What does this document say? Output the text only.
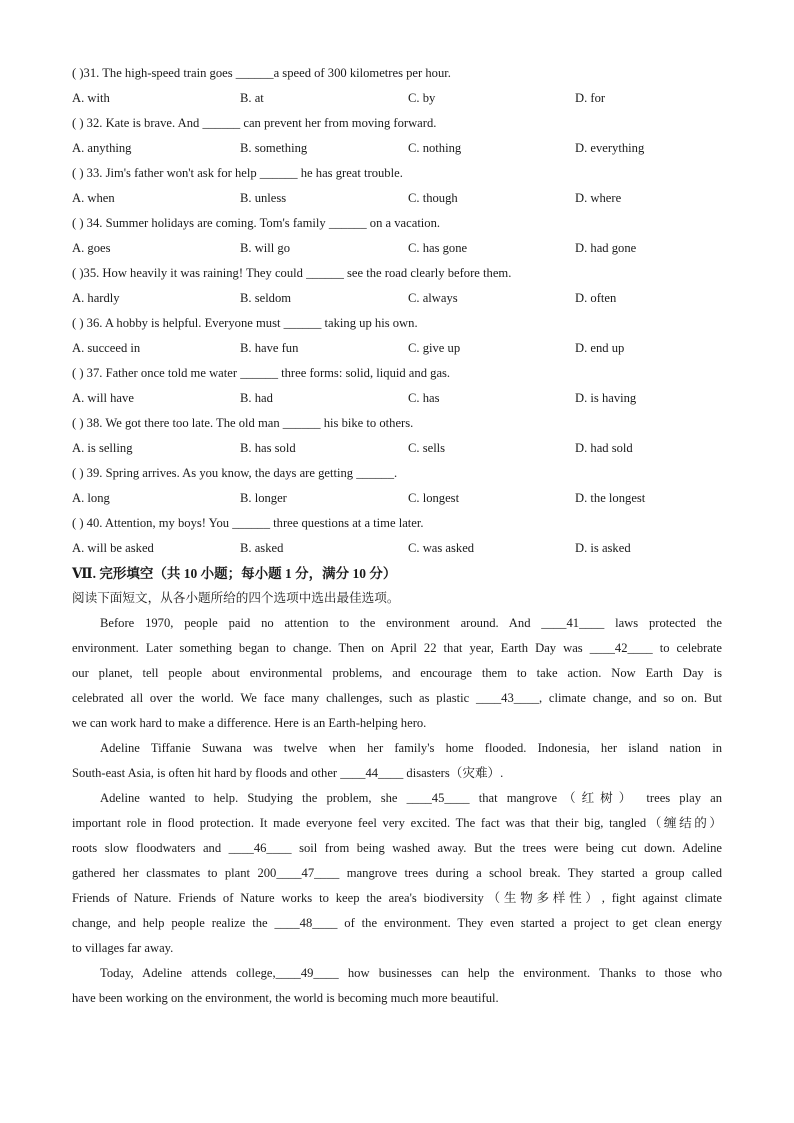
( )31. The high-speed train goes ______a speed of 300 kilometres per hour.
A. with	B. at	C. by	D. for
( ) 32. Kate is brave. And ______ can prevent her from moving forward.
A. anything	B. something	C. nothing	D. everything
( ) 33. Jim's father won't ask for help ______ he has great trouble.
A. when	B. unless	C. though	D. where
( ) 34. Summer holidays are coming. Tom's family ______ on a vacation.
A. goes	B. will go	C. has gone	D. had gone
( )35. How heavily it was raining! They could ______ see the road clearly before them.
A. hardly	B. seldom	C. always	D. often
( ) 36. A hobby is helpful. Everyone must ______ taking up his own.
A. succeed in	B. have fun	C. give up	D. end up
( ) 37. Father once told me water ______ three forms: solid, liquid and gas.
A. will have	B. had	C. has	D. is having
( ) 38. We got there too late. The old man ______ his bike to others.
A. is selling	B. has sold	C. sells	D. had sold
( ) 39. Spring arrives. As you know, the days are getting ______.
A. long	B. longer	C. longest	D. the longest
( ) 40. Attention, my boys! You ______ three questions at a time later.
A. will be asked	B. asked	C. was asked	D. is asked
Ⅶ. 完形填空（共 10 小题；每小题 1 分，满分 10 分）
阅读下面短文，从各小题所给的四个选项中选出最佳选项。
Before 1970, people paid no attention to the environment around. And ____41____ laws protected the
environment. Later something began to change. Then on April 22 that year, Earth Day was ____42____ to celebrate
our planet, tell people about environmental problems, and encourage them to take action. Now Earth Day is
celebrated all over the world. We face many challenges, such as plastic ____43____, climate change, and so on. But
we can work hard to make a difference. Here is an Earth-helping hero.
Adeline Tiffanie Suwana was twelve when her family's home flooded. Indonesia, her island nation in
South-east Asia, is often hit hard by floods and other ____44____ disasters（灾难）.
Adeline wanted to help. Studying the problem, she ____45____ that mangrove（红树） trees play an
important role in flood protection. It made everyone feel very excited. The fact was that their big, tangled（缠结的）
roots slow floodwaters and ____46____ soil from being washed away. But the trees were being cut down. Adeline
gathered her classmates to plant 200____47____ mangrove trees during a school break. They started a group called
Friends of Nature. Friends of Nature works to keep the area's biodiversity（生物多样性）, fight against climate
change, and help people realize the ____48____ of the environment. They even started a project to get clean energy
to villages far away.
Today, Adeline attends college,____49____ how businesses can help the environment. Thanks to those who
have been working on the environment, the world is becoming much more beautiful.
